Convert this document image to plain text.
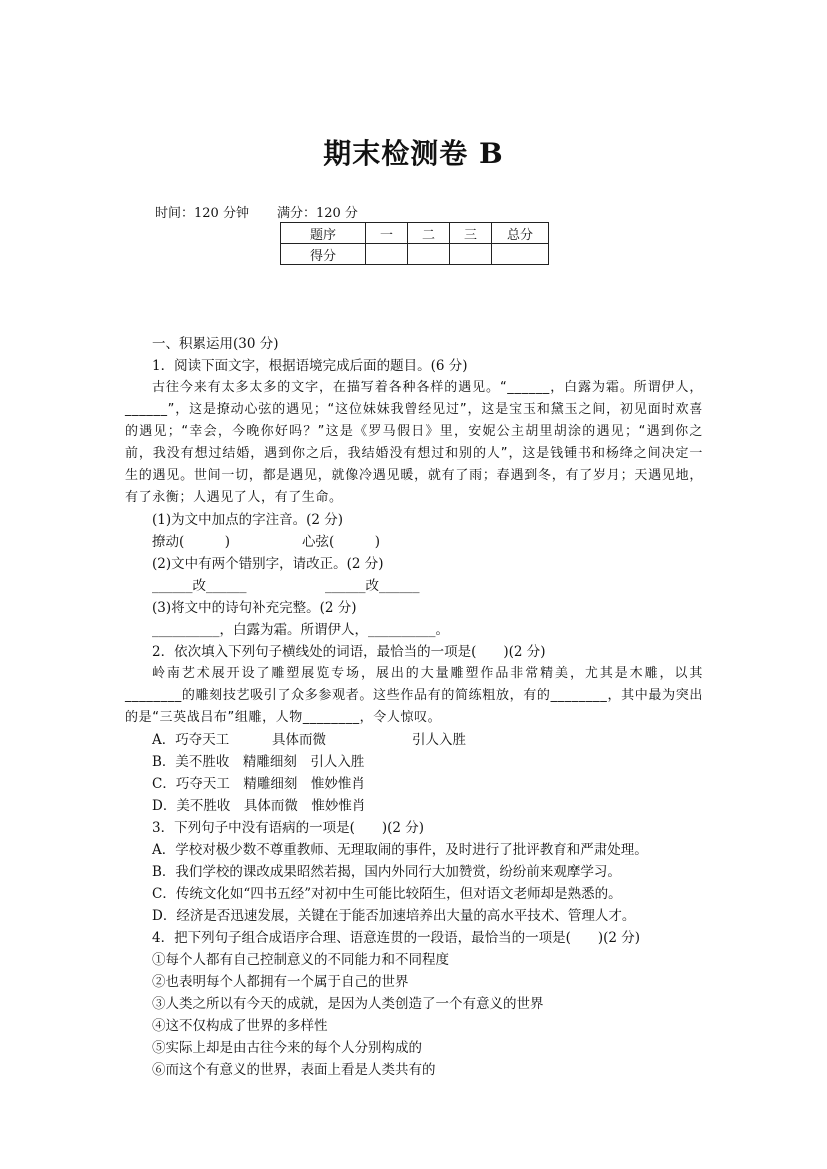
期末检测卷 B
时间：120 分钟 满分：120 分
题序	一	二	三	总分
得分				

一、积累运用(30 分)

1．阅读下面文字，根据语境完成后面的题目。(6 分)

古往今来有太多太多的文字，在描写着各种各样的遇见。“______，白露为霜。所谓伊人，______”，这是撩动心弦的遇见；“这位妹妹我曾经见过”，这是宝玉和黛玉之间，初见面时欢喜的遇见；“幸会，今晚你好吗？”这是《罗马假日》里，安妮公主胡里胡涂的遇见；“遇到你之前，我没有想过结婚，遇到你之后，我结婚没有想过和别的人”，这是钱锺书和杨绛之间决定一生的遇见。世间一切，都是遇见，就像冷遇见暖，就有了雨；春遇到冬，有了岁月；天遇见地，有了永衡；人遇见了人，有了生命。

(1)为文中加点的字注音。(2 分)

撩动(　　　)	心弦(　　　)

(2)文中有两个错别字，请改正。(2 分)

______改______	______改______

(3)将文中的诗句补充完整。(2 分)

__________，白露为霜。所谓伊人，__________。

2．依次填入下列句子横线处的词语，最恰当的一项是(　　)(2 分)

岭南艺术展开设了雕塑展览专场，展出的大量雕塑作品非常精美，尤其是木雕，以其________的雕刻技艺吸引了众多参观者。这些作品有的简练粗放，有的________，其中最为突出的是“三英战吕布”组雕，人物________，令人惊叹。

A．巧夺天工	具体而微	引人入胜

B．美不胜收　精雕细刻　引人入胜

C．巧夺天工　精雕细刻　惟妙惟肖

D．美不胜收　具体而微　惟妙惟肖

3．下列句子中没有语病的一项是(　　)(2 分)

A．学校对极少数不尊重教师、无理取闹的事件，及时进行了批评教育和严肃处理。

B．我们学校的课改成果昭然若揭，国内外同行大加赞赏，纷纷前来观摩学习。

C．传统文化如“四书五经”对初中生可能比较陌生，但对语文老师却是熟悉的。

D．经济是否迅速发展，关键在于能否加速培养出大量的高水平技术、管理人才。

4．把下列句子组合成语序合理、语意连贯的一段语，最恰当的一项是(　　)(2 分)

①每个人都有自己控制意义的不同能力和不同程度

②也表明每个人都拥有一个属于自己的世界

③人类之所以有今天的成就，是因为人类创造了一个有意义的世界

④这不仅构成了世界的多样性

⑤实际上却是由古往今来的每个人分别构成的

⑥而这个有意义的世界，表面上看是人类共有的
